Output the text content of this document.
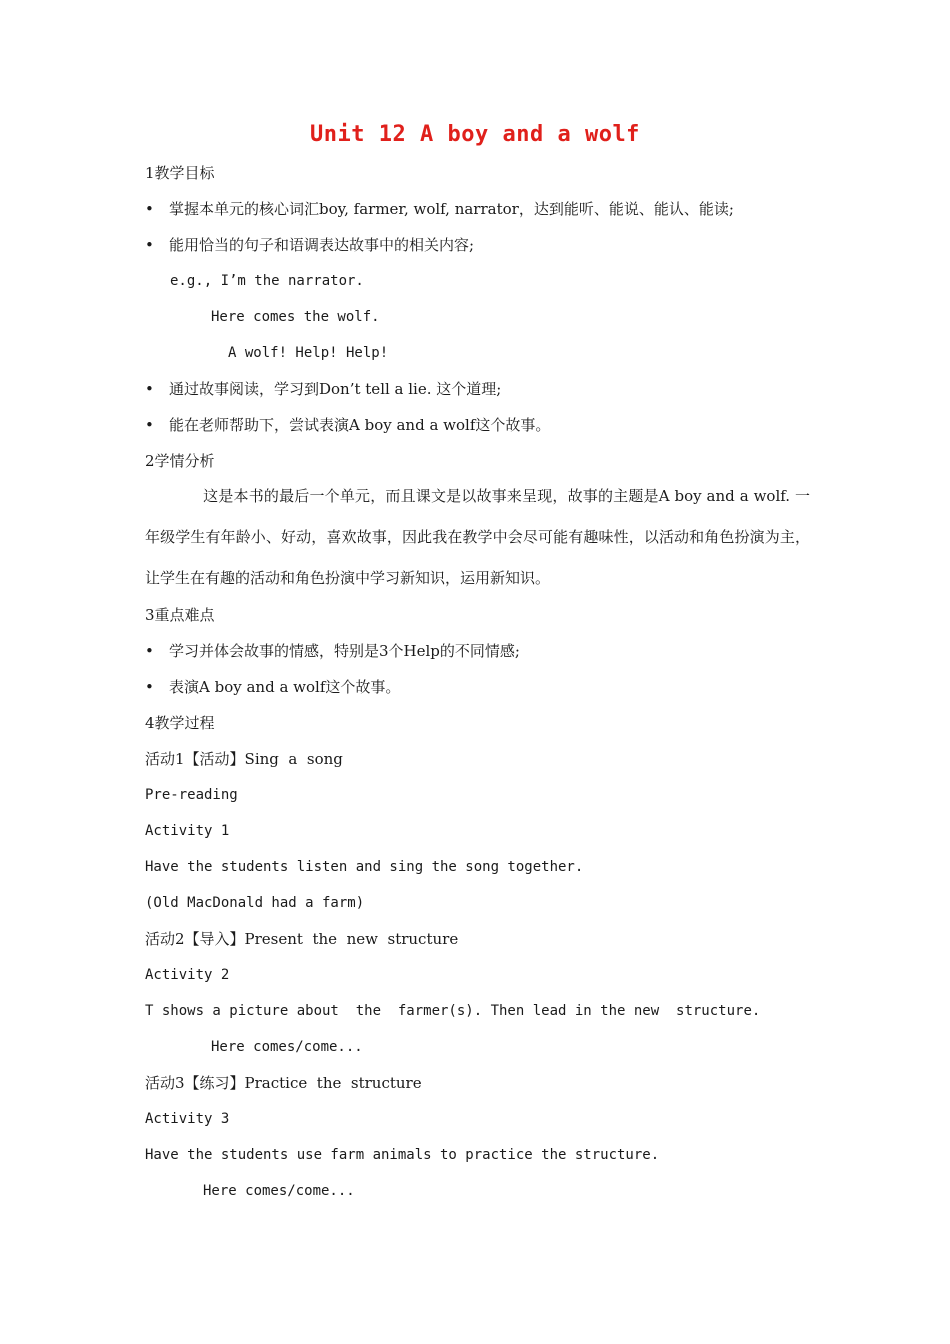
Unit 12 A boy and a wolf
1教学目标
• 掌握本单元的核心词汇boy, farmer, wolf, narrator，达到能听、能说、能认、能读;
• 能用恰当的句子和语调表达故事中的相关内容;
e.g., I’m the narrator.
Here comes the wolf.
A wolf! Help! Help!
• 通过故事阅读，学习到Don’t tell a lie. 这个道理;
• 能在老师帮助下，尝试表演A boy and a wolf这个故事。
2学情分析
这是本书的最后一个单元，而且课文是以故事来呈现，故事的主题是A boy and a wolf. 一年级学生有年龄小、好动，喜欢故事，因此我在教学中会尽可能有趣味性，以活动和角色扮演为主，让学生在有趣的活动和角色扮演中学习新知识，运用新知识。
3重点难点
• 学习并体会故事的情感，特别是3个Help的不同情感;
• 表演A boy and a wolf这个故事。
4教学过程
活动1【活动】Sing  a  song
Pre-reading
Activity 1
Have the students listen and sing the song together.
(Old MacDonald had a farm)
活动2【导入】Present  the  new  structure
Activity 2
T shows a picture about  the  farmer(s). Then lead in the new  structure.
Here comes/come...
活动3【练习】Practice  the  structure
Activity 3
Have the students use farm animals to practice the structure.
Here comes/come...
